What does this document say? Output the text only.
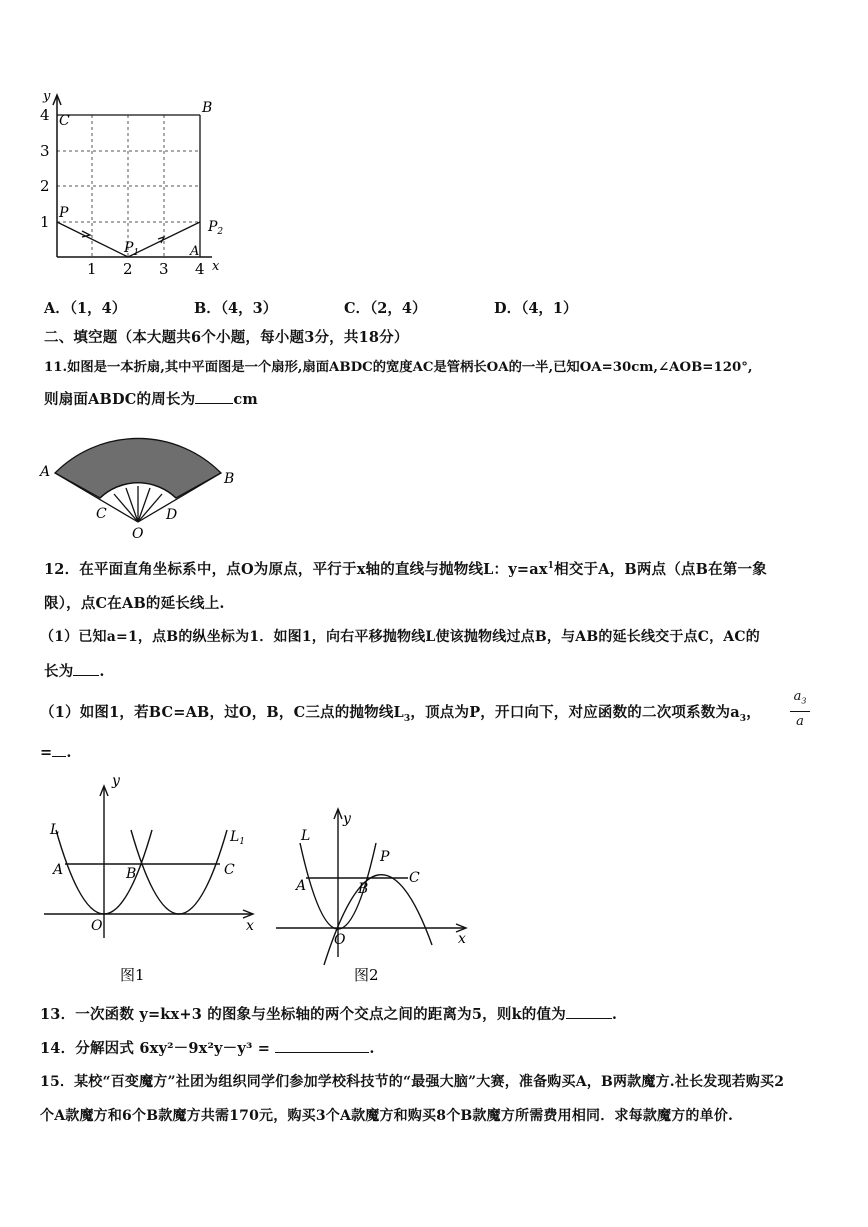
y
x
4
3
2
1
1 2 3 4
C
B
P
$P_1$
$P_2$
A
A．（1，4）	B．（4，3）	C．（2，4）	D．（4，1）
二、填空题（本大题共6个小题，每小题3分，共18分）
11.如图是一本折扇,其中平面图是一个扇形,扇面ABDC的宽度AC是管柄长OA的一半,已知OA=30cm,∠AOB=120°,
则扇面ABDC的周长为	cm
A	B
C	D
O
12．在平面直角坐标系中，点O为原点，平行于x轴的直线与抛物线L：$y=ax^1$相交于A，B两点（点B在第一象
限），点C在AB的延长线上.
（1）已知a=1，点B的纵坐标为1．如图1，向右平移抛物线L使该抛物线过点B，与AB的延长线交于点C，AC的
长为 .
（1）如图1，若BC=AB，过O，B，C三点的抛物线$L_3$，顶点为P，开口向下，对应函数的二次项系数为$a_3$，
$a_3$
a
= .
L	$L_1$
y
x
A	B	C
O
图1
L
y
x
A	B
C
P
O
图2
13．一次函数 y=kx+3 的图象与坐标轴的两个交点之间的距离为5，则k的值为	.
14．分解因式 6xy²－9x²y－y³ =	.
15．某校“百变魔方”社团为组织同学们参加学校科技节的“最强大脑”大赛，准备购买A，B两款魔方.社长发现若购买2
个A款魔方和6个B款魔方共需170元，购买3个A款魔方和购买8个B款魔方所需费用相同．求每款魔方的单价.
